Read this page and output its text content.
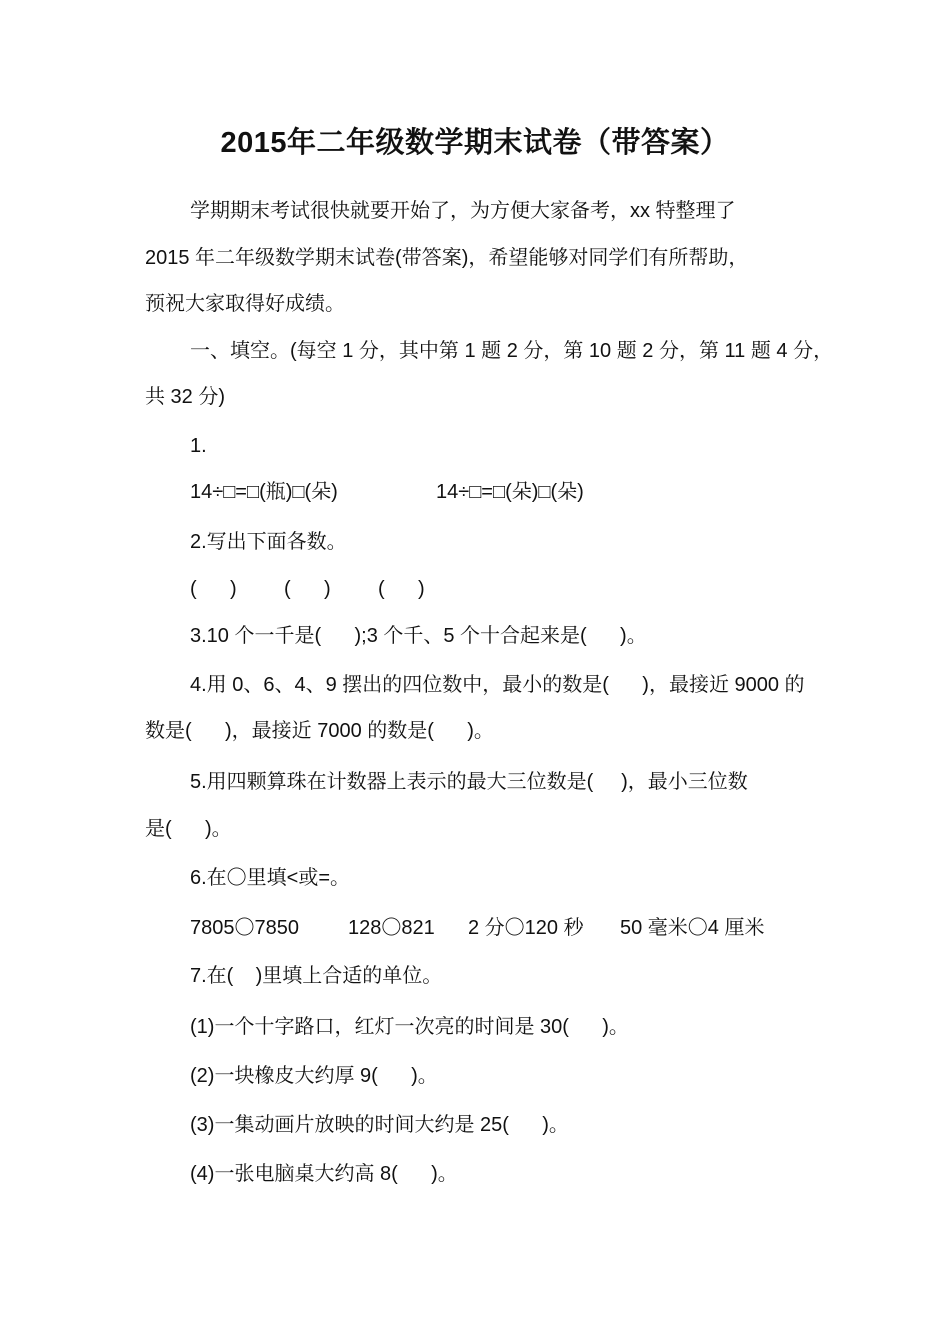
2015年二年级数学期末试卷（带答案）
学期期末考试很快就要开始了，为方便大家备考，xx 特整理了
2015 年二年级数学期末试卷(带答案)，希望能够对同学们有所帮助，
预祝大家取得好成绩。
一、填空。(每空 1 分，其中第 1 题 2 分，第 10 题 2 分，第 11 题 4 分，
共 32 分)
1.
14÷□=□(瓶)□(朵)	14÷□=□(朵)□(朵)
2.写出下面各数。
(      ) (      ) (      )
3.10 个一千是(      );3 个千、5 个十合起来是(      )。
4.用 0、6、4、9 摆出的四位数中，最小的数是(      )，最接近 9000 的
数是(      )，最接近 7000 的数是(      )。
5.用四颗算珠在计数器上表示的最大三位数是(     )，最小三位数
是(      )。
6.在〇里填<或=。
7805〇7850 128〇821 2 分〇120 秒 50 毫米〇4 厘米
7.在(    )里填上合适的单位。
(1)一个十字路口，红灯一次亮的时间是 30(      )。
(2)一块橡皮大约厚 9(      )。
(3)一集动画片放映的时间大约是 25(      )。
(4)一张电脑桌大约高 8(      )。
